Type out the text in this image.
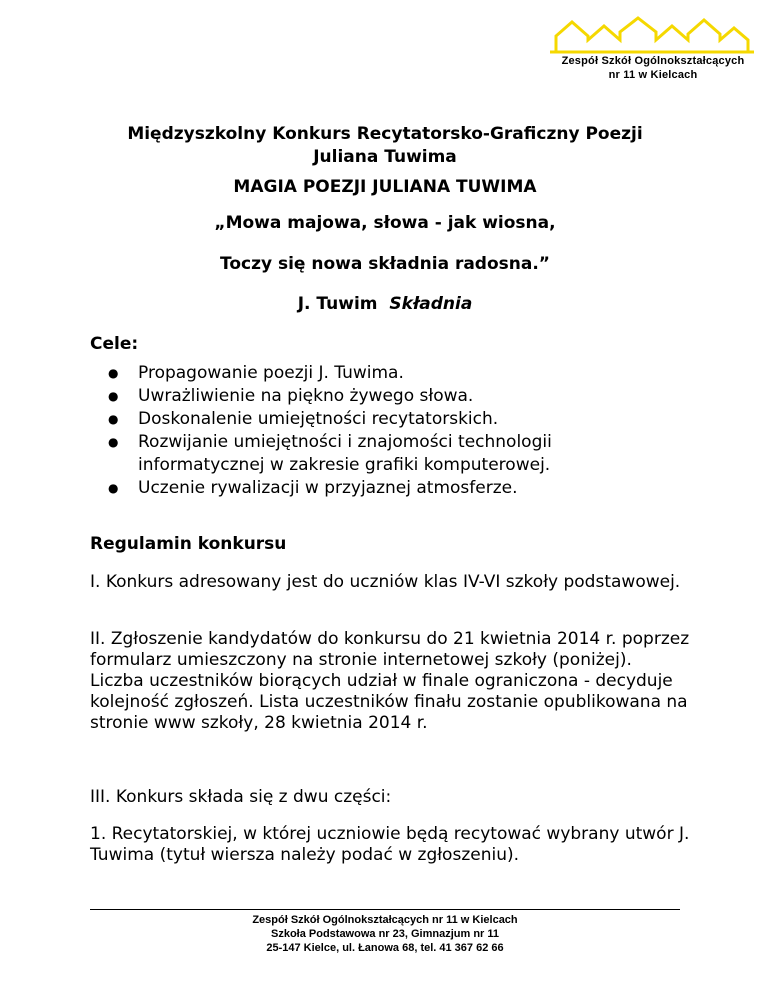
Zespół Szkół Ogólnokształcących
nr 11 w Kielcach
Międzyszkolny Konkurs Recytatorsko-Graficzny Poezji
Juliana Tuwima
MAGIA POEZJI JULIANA TUWIMA
„Mowa majowa, słowa - jak wiosna,
Toczy się nowa składnia radosna.”
J. Tuwim Składnia
Cele:
● Propagowanie poezji J. Tuwima.
● Uwrażliwienie na piękno żywego słowa.
● Doskonalenie umiejętności recytatorskich.
● Rozwijanie umiejętności i znajomości technologii informatycznej w zakresie grafiki komputerowej.
● Uczenie rywalizacji w przyjaznej atmosferze.
Regulamin konkursu
I. Konkurs adresowany jest do uczniów klas IV-VI szkoły podstawowej.
II. Zgłoszenie kandydatów do konkursu do 21 kwietnia 2014 r. poprzez formularz umieszczony na stronie internetowej szkoły (poniżej). Liczba uczestników biorących udział w finale ograniczona - decyduje kolejność zgłoszeń. Lista uczestników finału zostanie opublikowana na stronie www szkoły, 28 kwietnia 2014 r.
III. Konkurs składa się z dwu części:
1. Recytatorskiej, w której uczniowie będą recytować wybrany utwór J. Tuwima (tytuł wiersza należy podać w zgłoszeniu).
Zespół Szkół Ogólnokształcących nr 11 w Kielcach
Szkoła Podstawowa nr 23, Gimnazjum nr 11
25-147 Kielce, ul. Łanowa 68, tel. 41 367 62 66
